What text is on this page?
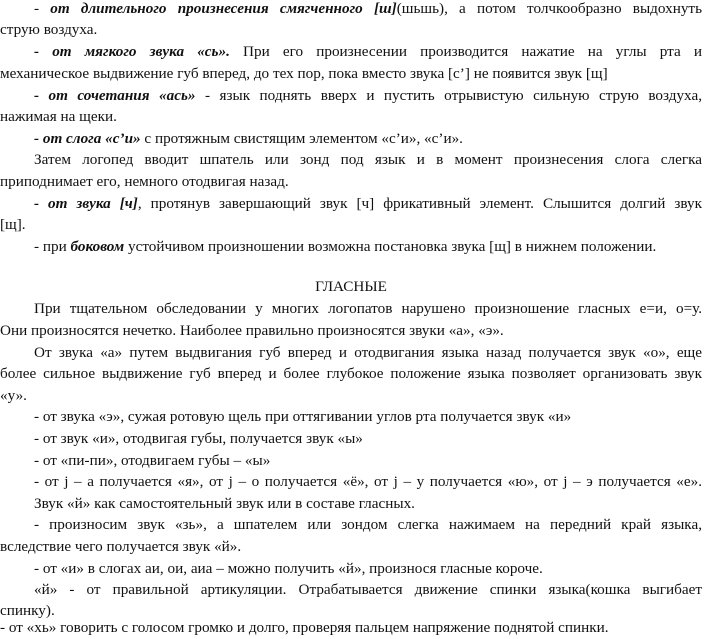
- от длительного произнесения смягченного [ш](шьшь), а потом толчкообразно выдохнуть
струю воздуха.
- от мягкого звука «сь». При его произнесении производится нажатие на углы рта и
механическое выдвижение губ вперед, до тех пор, пока вместо звука [с’] не появится звук [щ]
- от сочетания «ась» - язык поднять вверх и пустить отрывистую сильную струю воздуха,
нажимая на щеки.
- от слога «с’и» с протяжным свистящим элементом «с’и», «с’и».
Затем логопед вводит шпатель или зонд под язык и в момент произнесения слога слегка
приподнимает его, немного отодвигая назад.
- от звука [ч], протянув завершающий звук [ч] фрикативный элемент. Слышится долгий звук
[щ].
- при боковом устойчивом произношении возможна постановка звука [щ] в нижнем положении.
ГЛАСНЫЕ
При тщательном обследовании у многих логопатов нарушено произношение гласных е=и, о=у.
Они произносятся нечетко. Наиболее правильно произносятся звуки «а», «э».
От звука «а» путем выдвигания губ вперед и отодвигания языка назад получается звук «о», еще
более сильное выдвижение губ вперед и более глубокое положение языка позволяет организовать звук
«у».
- от звука «э», сужая ротовую щель при оттягивании углов рта получается звук «и»
- от звук «и», отодвигая губы, получается звук «ы»
- от «пи-пи», отодвигаем губы – «ы»
- от j – а получается «я», от j – о получается «ё», от j – у получается «ю», от j – э получается «е».
Звук «й» как самостоятельный звук или в составе гласных.
- произносим звук «зь», а шпателем или зондом слегка нажимаем на передний край языка,
вследствие чего получается звук «й».
- от «и» в слогах аи, ои, аиа – можно получить «й», произнося гласные короче.
«й» - от правильной артикуляции. Отрабатывается движение спинки языка(кошка выгибает
спинку).
- от «хь» говорить с голосом громко и долго, проверяя пальцем напряжение поднятой спинки.
